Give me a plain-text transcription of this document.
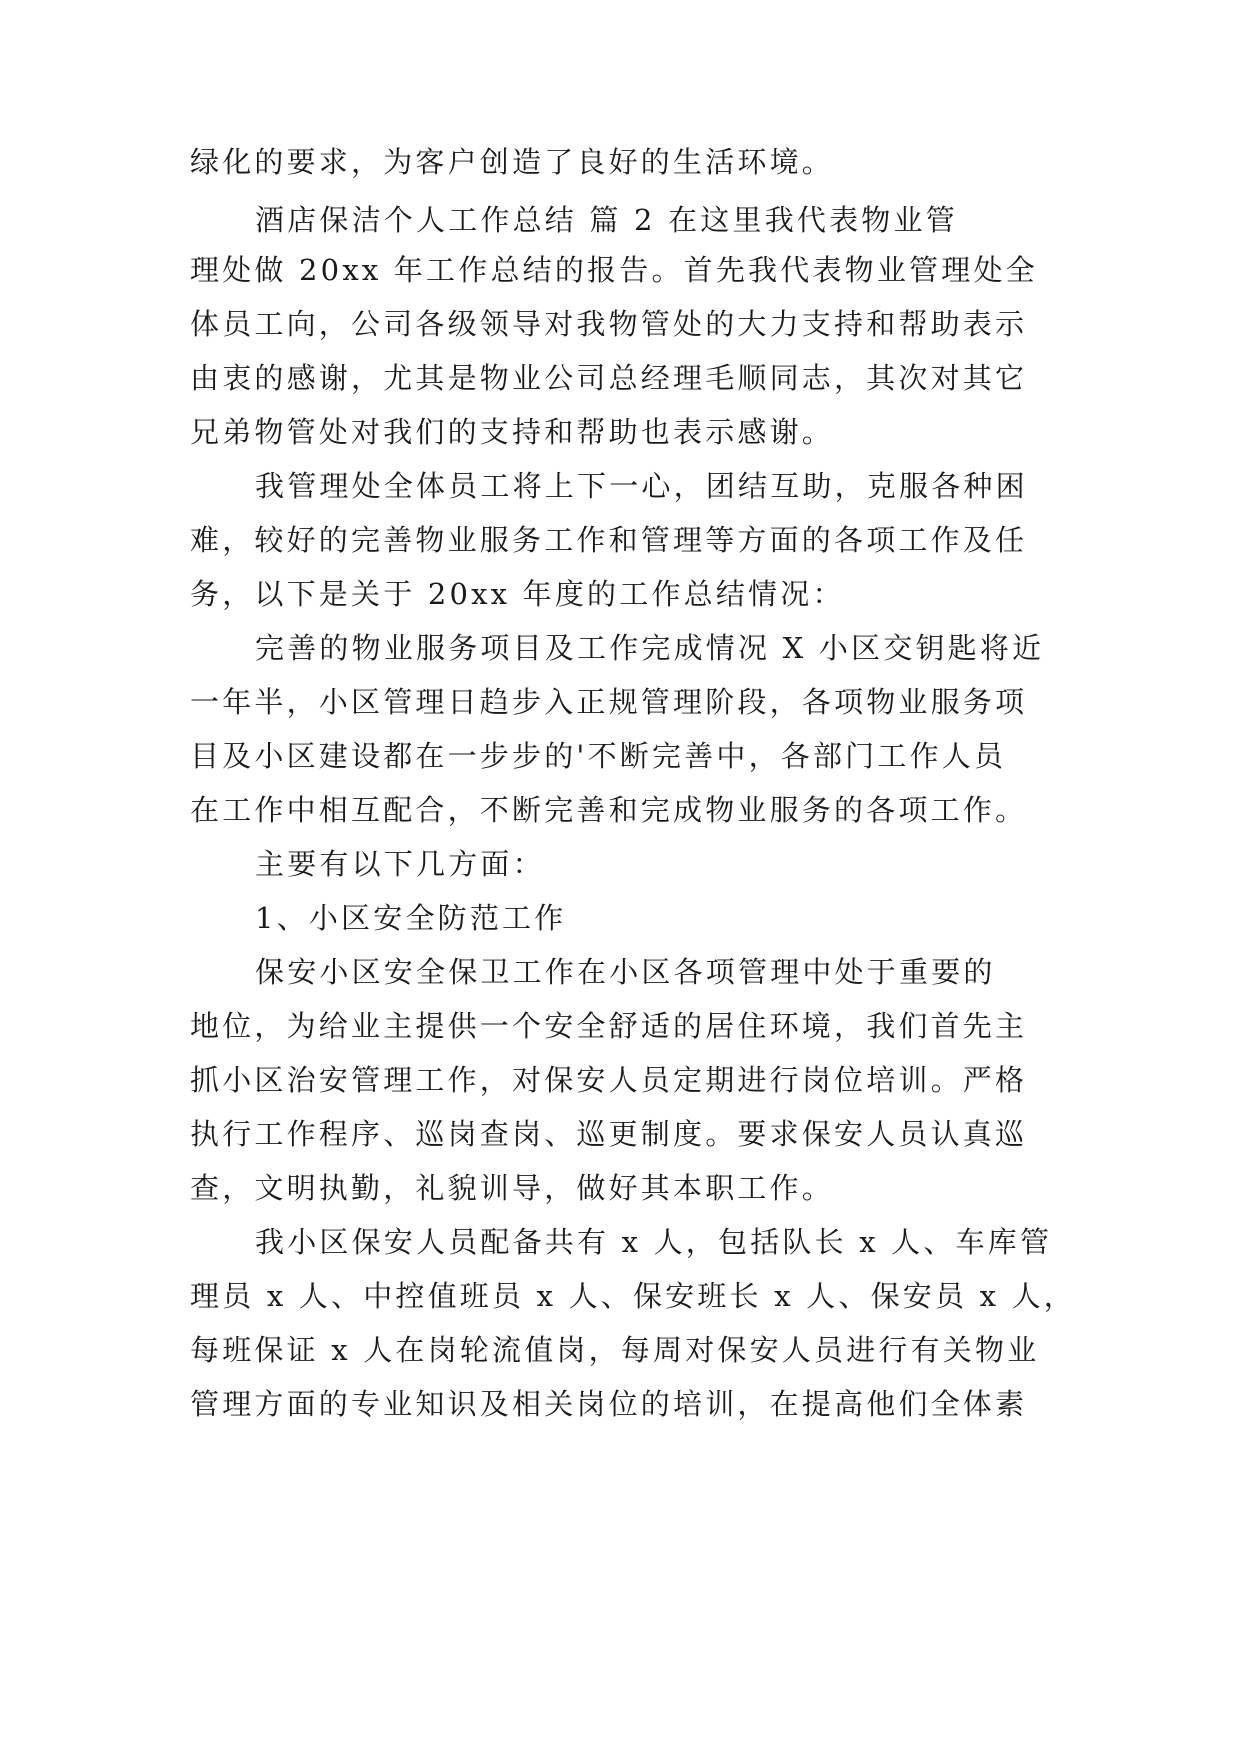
绿化的要求，为客户创造了良好的生活环境。
酒店保洁个人工作总结 篇 2 在这里我代表物业管
理处做 20xx 年工作总结的报告。首先我代表物业管理处全
体员工向，公司各级领导对我物管处的大力支持和帮助表示
由衷的感谢，尤其是物业公司总经理毛顺同志，其次对其它
兄弟物管处对我们的支持和帮助也表示感谢。
我管理处全体员工将上下一心，团结互助，克服各种困
难，较好的完善物业服务工作和管理等方面的各项工作及任
务，以下是关于 20xx 年度的工作总结情况：
完善的物业服务项目及工作完成情况 X 小区交钥匙将近
一年半，小区管理日趋步入正规管理阶段，各项物业服务项
目及小区建设都在一步步的'不断完善中，各部门工作人员
在工作中相互配合，不断完善和完成物业服务的各项工作。
主要有以下几方面：
1、小区安全防范工作
保安小区安全保卫工作在小区各项管理中处于重要的
地位，为给业主提供一个安全舒适的居住环境，我们首先主
抓小区治安管理工作，对保安人员定期进行岗位培训。严格
执行工作程序、巡岗查岗、巡更制度。要求保安人员认真巡
查，文明执勤，礼貌训导，做好其本职工作。
我小区保安人员配备共有 x 人，包括队长 x 人、车库管
理员 x 人、中控值班员 x 人、保安班长 x 人、保安员 x 人，
每班保证 x 人在岗轮流值岗，每周对保安人员进行有关物业
管理方面的专业知识及相关岗位的培训，在提高他们全体素
